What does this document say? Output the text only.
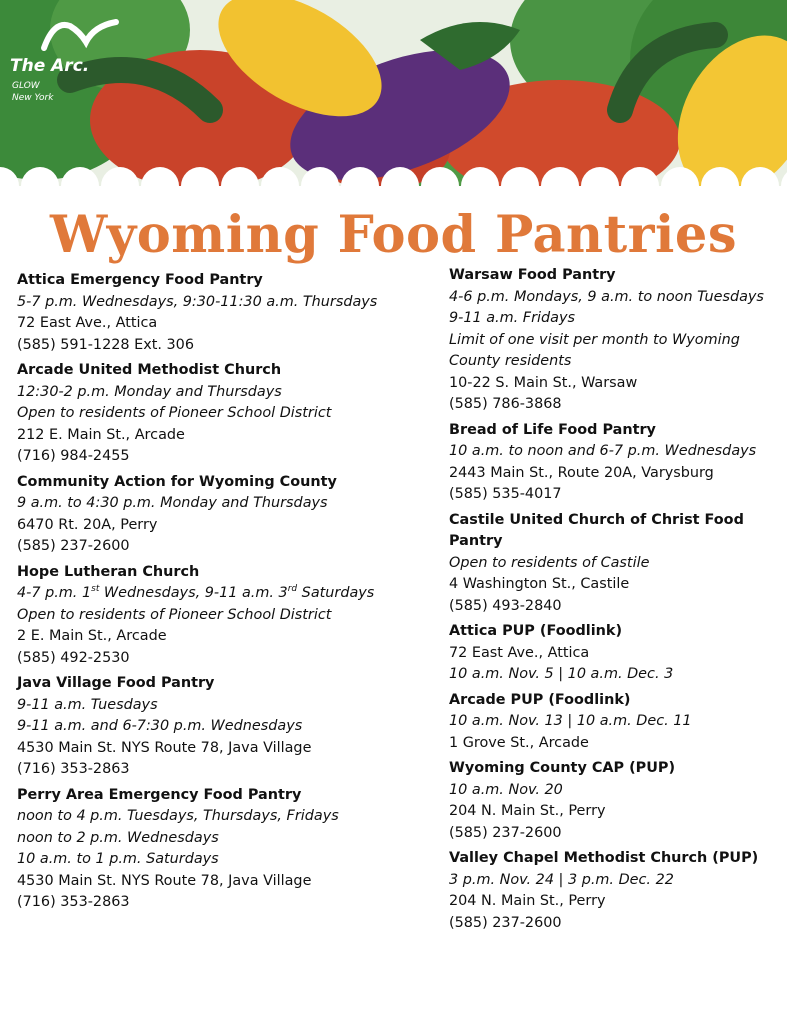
The Arc.
GLOW
New York
Wyoming Food Pantries
Attica Emergency Food Pantry
5-7 p.m. Wednesdays, 9:30-11:30 a.m. Thursdays
72 East Ave., Attica
(585) 591-1228 Ext. 306
Arcade United Methodist Church
12:30-2 p.m. Monday and Thursdays
Open to residents of Pioneer School District
212 E. Main St., Arcade
(716) 984-2455
Community Action for Wyoming County
9 a.m. to 4:30 p.m. Monday and Thursdays
6470 Rt. 20A, Perry
(585) 237-2600
Hope Lutheran Church
4-7 p.m. 1st Wednesdays, 9-11 a.m. 3rd Saturdays
Open to residents of Pioneer School District
2 E. Main St., Arcade
(585) 492-2530
Java Village Food Pantry
9-11 a.m. Tuesdays
9-11 a.m. and 6-7:30 p.m. Wednesdays
4530 Main St. NYS Route 78, Java Village
(716) 353-2863
Perry Area Emergency Food Pantry
noon to 4 p.m. Tuesdays, Thursdays, Fridays
noon to 2 p.m. Wednesdays
10 a.m. to 1 p.m. Saturdays
4530 Main St. NYS Route 78, Java Village
(716) 353-2863
Warsaw Food Pantry
4-6 p.m. Mondays, 9 a.m. to noon Tuesdays
9-11 a.m. Fridays
Limit of one visit per month to Wyoming County residents
10-22 S. Main St., Warsaw
(585) 786-3868
Bread of Life Food Pantry
10 a.m. to noon and 6-7 p.m. Wednesdays
2443 Main St., Route 20A, Varysburg
(585) 535-4017
Castile United Church of Christ Food Pantry
Open to residents of Castile
4 Washington St., Castile
(585) 493-2840
Attica PUP (Foodlink)
72 East Ave., Attica
10 a.m. Nov. 5 | 10 a.m. Dec. 3
Arcade PUP (Foodlink)
10 a.m. Nov. 13 | 10 a.m. Dec. 11
1 Grove St., Arcade
Wyoming County CAP (PUP)
10 a.m. Nov. 20
204 N. Main St., Perry
(585) 237-2600
Valley Chapel Methodist Church (PUP)
3 p.m. Nov. 24 | 3 p.m. Dec. 22
204 N. Main St., Perry
(585) 237-2600
